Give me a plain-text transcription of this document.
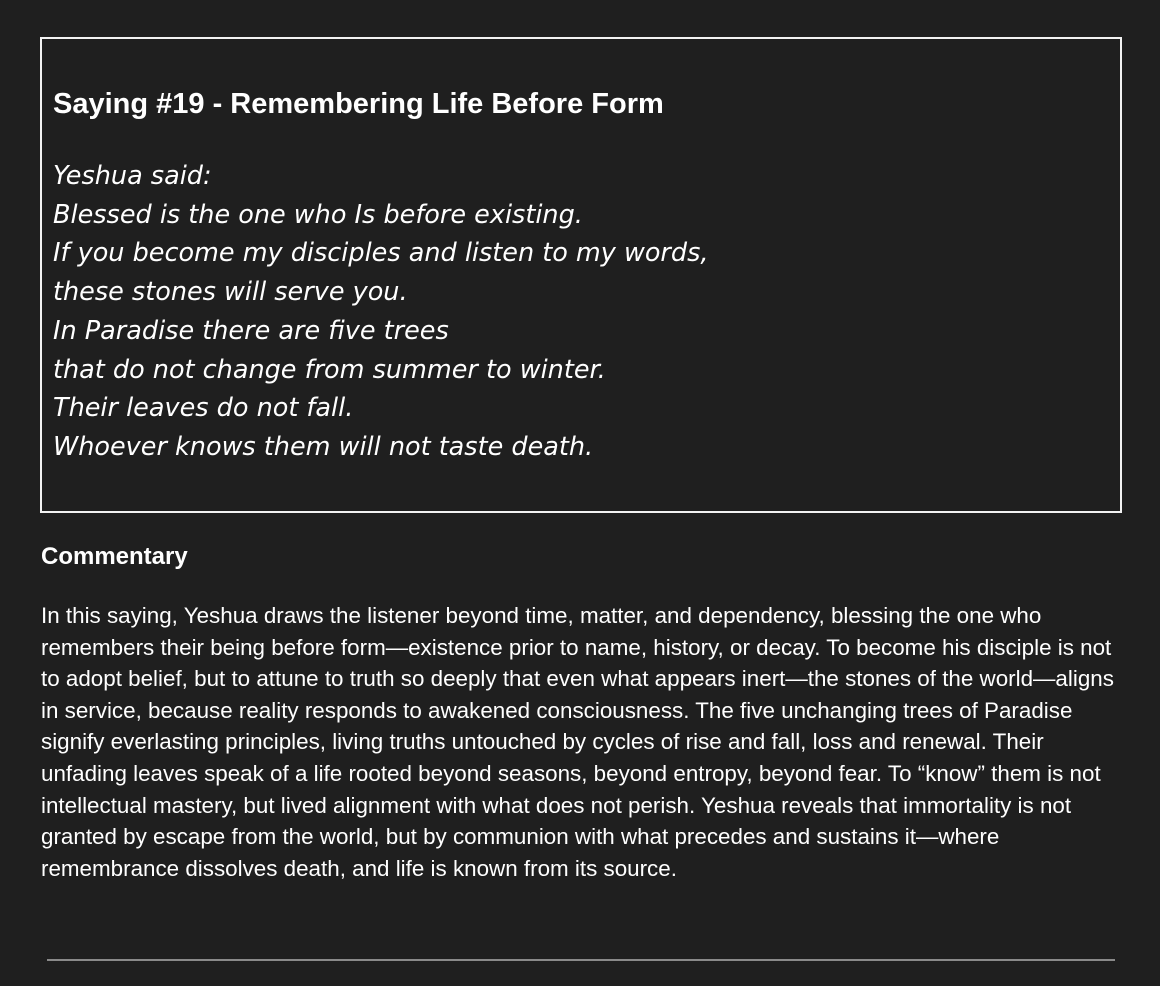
Saying #19 - Remembering Life Before Form
Yeshua said:
Blessed is the one who Is before existing.
If you become my disciples and listen to my words,
these stones will serve you.
In Paradise there are five trees
that do not change from summer to winter.
Their leaves do not fall.
Whoever knows them will not taste death.
Commentary

In this saying, Yeshua draws the listener beyond time, matter, and dependency, blessing the one who remembers their being before form—existence prior to name, history, or decay. To become his disciple is not to adopt belief, but to attune to truth so deeply that even what appears inert—the stones of the world—aligns in service, because reality responds to awakened consciousness. The five unchanging trees of Paradise signify everlasting principles, living truths untouched by cycles of rise and fall, loss and renewal. Their unfading leaves speak of a life rooted beyond seasons, beyond entropy, beyond fear. To “know” them is not intellectual mastery, but lived alignment with what does not perish. Yeshua reveals that immortality is not granted by escape from the world, but by communion with what precedes and sustains it—where remembrance dissolves death, and life is known from its source.
